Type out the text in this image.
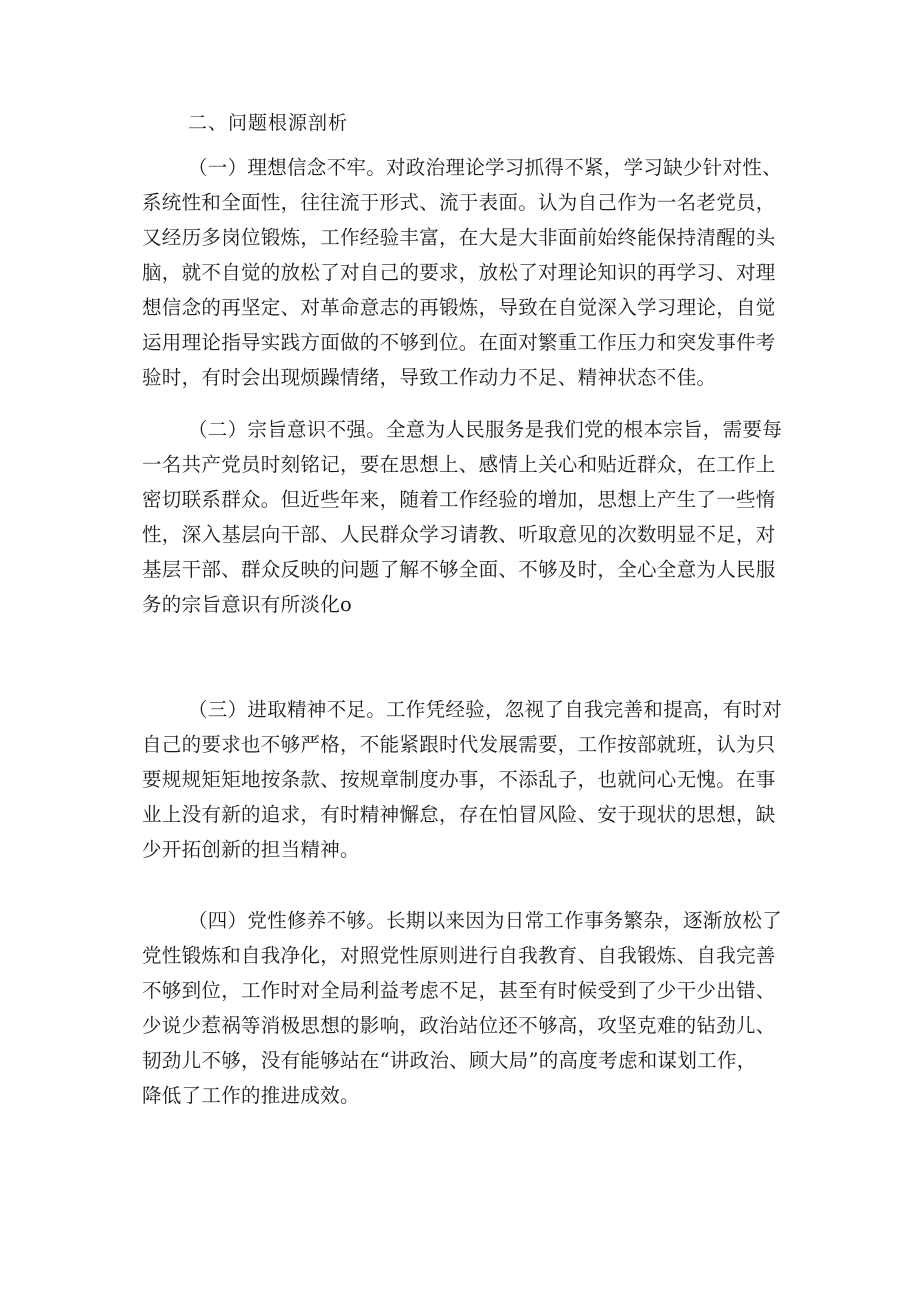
二、问题根源剖析
（一）理想信念不牢。对政治理论学习抓得不紧，学习缺少针对性、
系统性和全面性，往往流于形式、流于表面。认为自己作为一名老党员，
又经历多岗位锻炼，工作经验丰富，在大是大非面前始终能保持清醒的头
脑，就不自觉的放松了对自己的要求，放松了对理论知识的再学习、对理
想信念的再坚定、对革命意志的再锻炼，导致在自觉深入学习理论，自觉
运用理论指导实践方面做的不够到位。在面对繁重工作压力和突发事件考
验时，有时会出现烦躁情绪，导致工作动力不足、精神状态不佳。
（二）宗旨意识不强。全意为人民服务是我们党的根本宗旨，需要每
一名共产党员时刻铭记，要在思想上、感情上关心和贴近群众，在工作上
密切联系群众。但近些年来，随着工作经验的增加，思想上产生了一些惰
性，深入基层向干部、人民群众学习请教、听取意见的次数明显不足，对
基层干部、群众反映的问题了解不够全面、不够及时，全心全意为人民服
务的宗旨意识有所淡化o
（三）进取精神不足。工作凭经验，忽视了自我完善和提高，有时对
自己的要求也不够严格，不能紧跟时代发展需要，工作按部就班，认为只
要规规矩矩地按条款、按规章制度办事，不添乱子，也就问心无愧。在事
业上没有新的追求，有时精神懈怠，存在怕冒风险、安于现状的思想，缺
少开拓创新的担当精神。
（四）党性修养不够。长期以来因为日常工作事务繁杂，逐渐放松了
党性锻炼和自我净化，对照党性原则进行自我教育、自我锻炼、自我完善
不够到位，工作时对全局利益考虑不足，甚至有时候受到了少干少出错、
少说少惹祸等消极思想的影响，政治站位还不够高，攻坚克难的钻劲儿、
韧劲儿不够，没有能够站在“讲政治、顾大局”的高度考虑和谋划工作，
降低了工作的推进成效。
